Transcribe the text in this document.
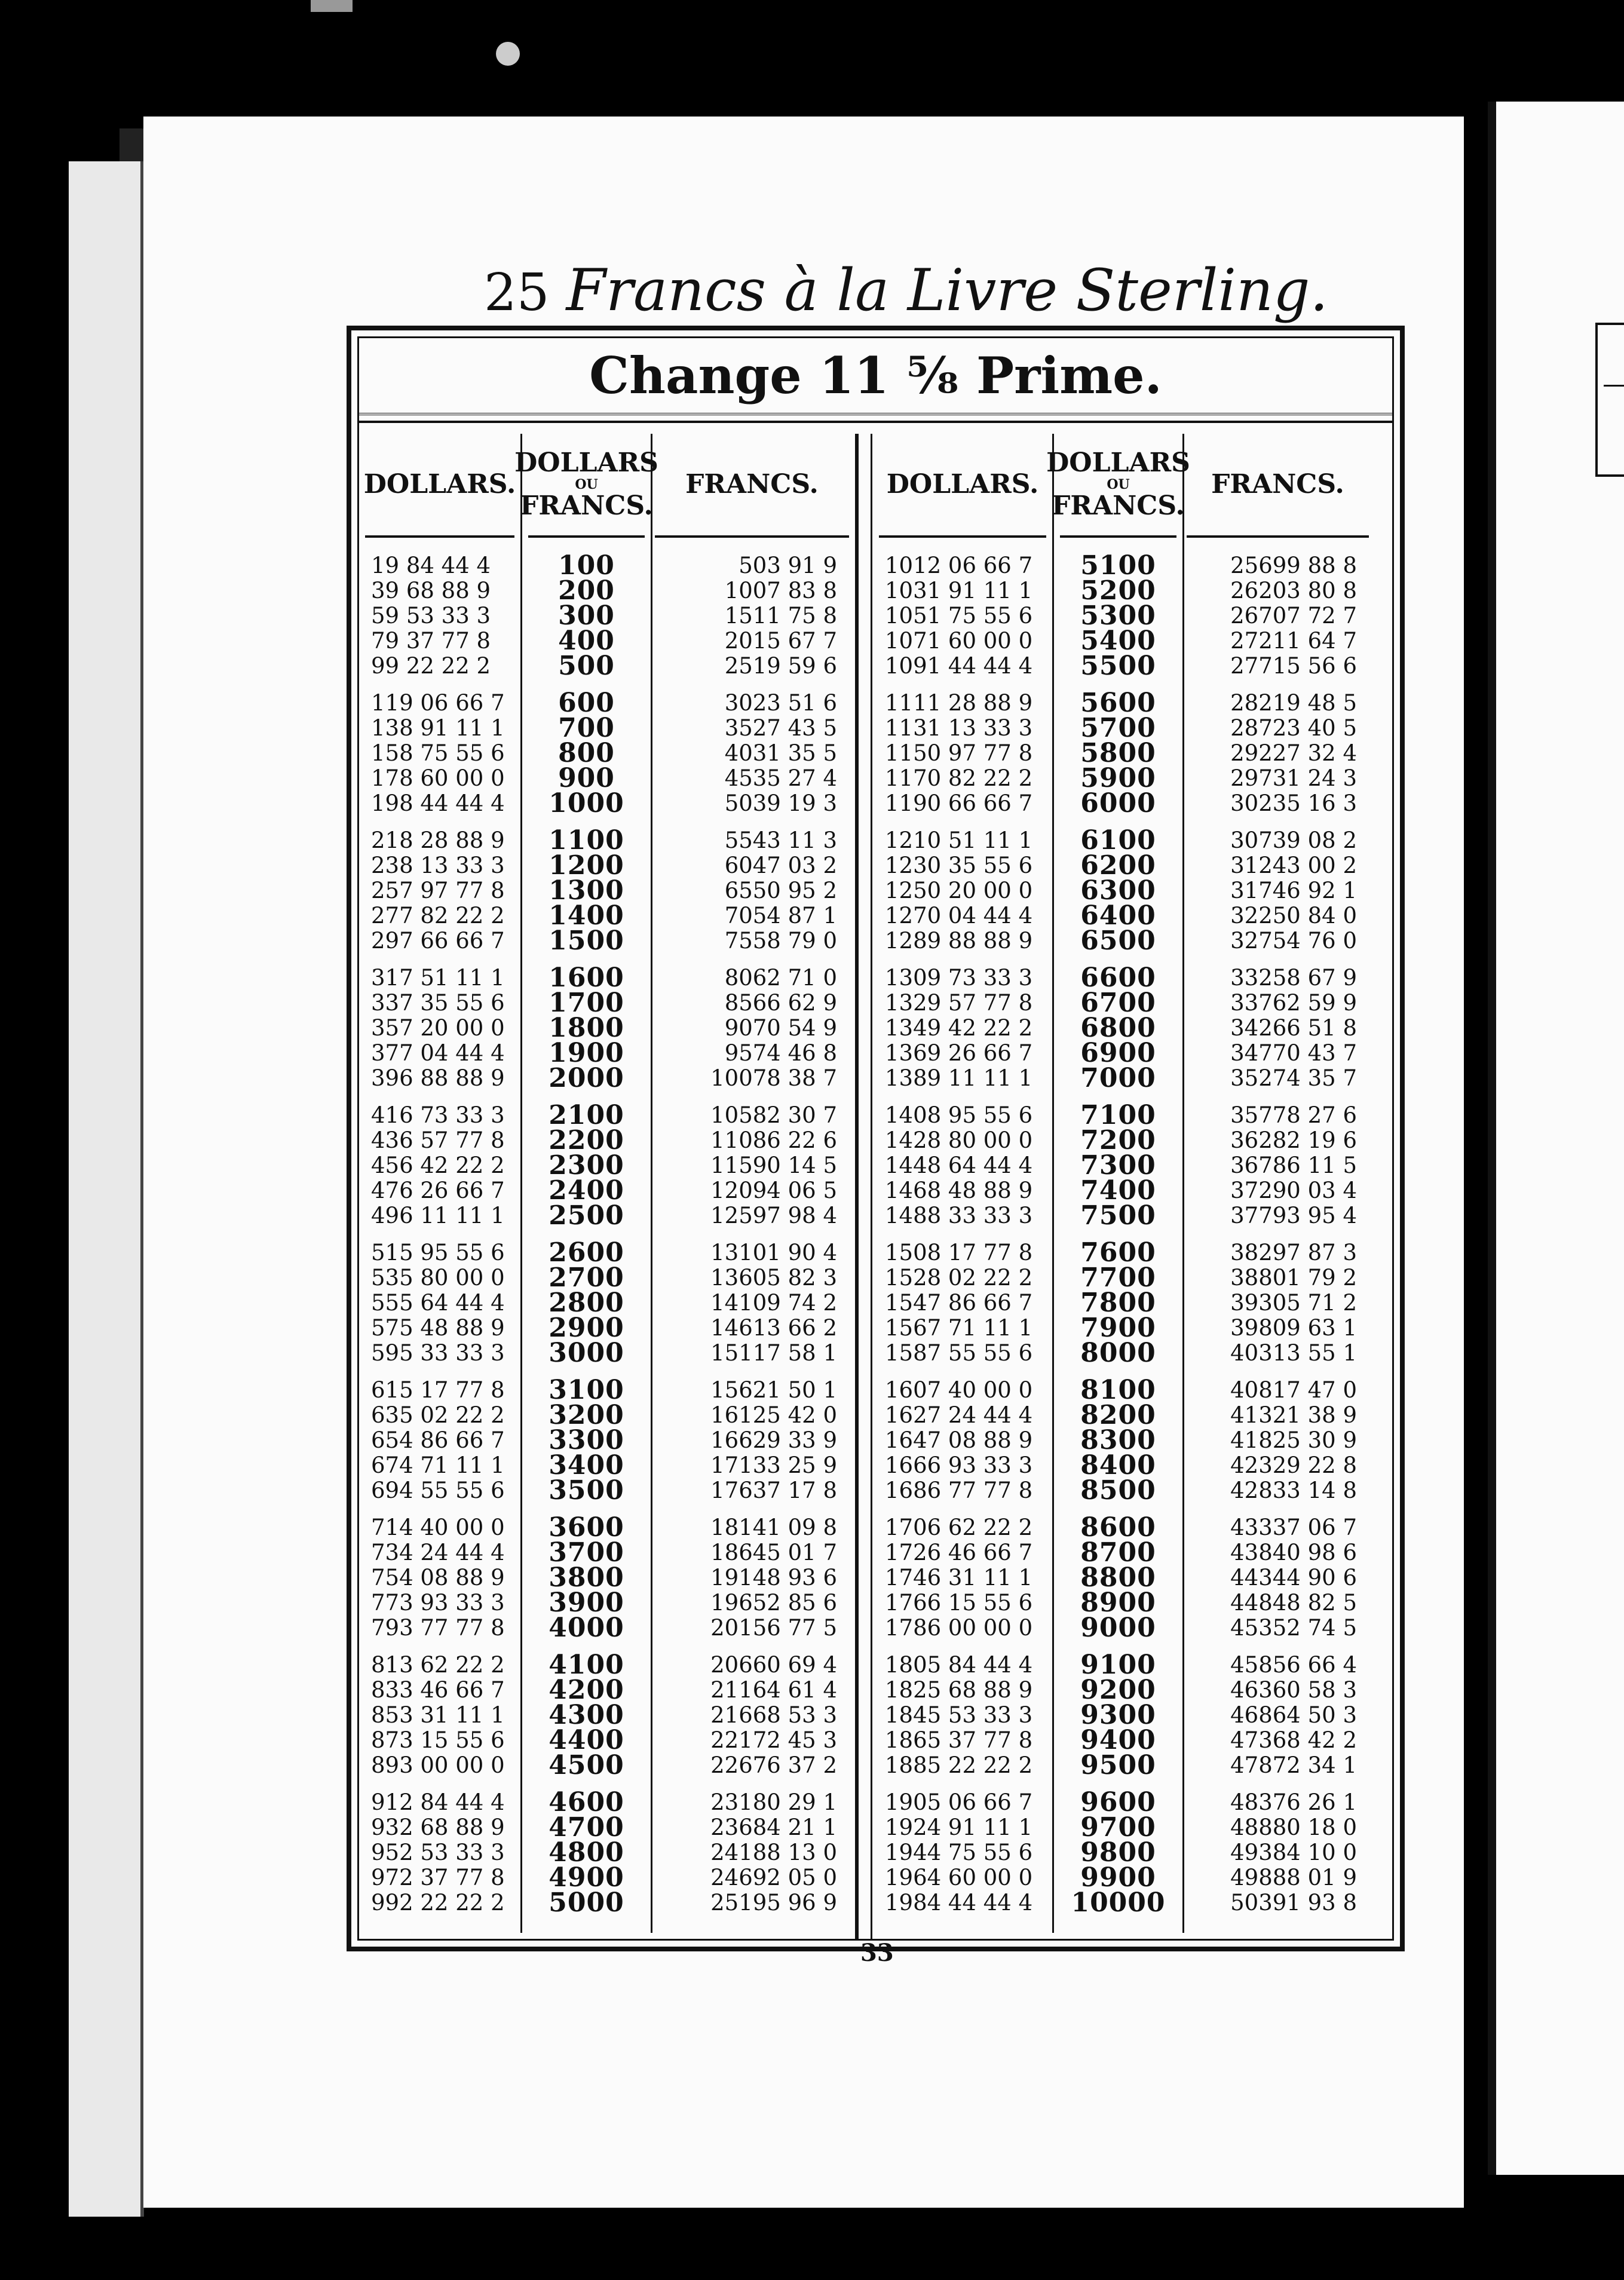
25 Francs à la Livre Sterling.
Change 11 ⁵⁄₈ Prime.
DOLLARS.
19 84 44 4
39 68 88 9
59 53 33 3
79 37 77 8
99 22 22 2
119 06 66 7
138 91 11 1
158 75 55 6
178 60 00 0
198 44 44 4
218 28 88 9
238 13 33 3
257 97 77 8
277 82 22 2
297 66 66 7
317 51 11 1
337 35 55 6
357 20 00 0
377 04 44 4
396 88 88 9
416 73 33 3
436 57 77 8
456 42 22 2
476 26 66 7
496 11 11 1
515 95 55 6
535 80 00 0
555 64 44 4
575 48 88 9
595 33 33 3
615 17 77 8
635 02 22 2
654 86 66 7
674 71 11 1
694 55 55 6
714 40 00 0
734 24 44 4
754 08 88 9
773 93 33 3
793 77 77 8
813 62 22 2
833 46 66 7
853 31 11 1
873 15 55 6
893 00 00 0
912 84 44 4
932 68 88 9
952 53 33 3
972 37 77 8
992 22 22 2
DOLLARS
OU
FRANCS.
100
200
300
400
500
600
700
800
900
1000
1100
1200
1300
1400
1500
1600
1700
1800
1900
2000
2100
2200
2300
2400
2500
2600
2700
2800
2900
3000
3100
3200
3300
3400
3500
3600
3700
3800
3900
4000
4100
4200
4300
4400
4500
4600
4700
4800
4900
5000
FRANCS.
503 91 9
1007 83 8
1511 75 8
2015 67 7
2519 59 6
3023 51 6
3527 43 5
4031 35 5
4535 27 4
5039 19 3
5543 11 3
6047 03 2
6550 95 2
7054 87 1
7558 79 0
8062 71 0
8566 62 9
9070 54 9
9574 46 8
10078 38 7
10582 30 7
11086 22 6
11590 14 5
12094 06 5
12597 98 4
13101 90 4
13605 82 3
14109 74 2
14613 66 2
15117 58 1
15621 50 1
16125 42 0
16629 33 9
17133 25 9
17637 17 8
18141 09 8
18645 01 7
19148 93 6
19652 85 6
20156 77 5
20660 69 4
21164 61 4
21668 53 3
22172 45 3
22676 37 2
23180 29 1
23684 21 1
24188 13 0
24692 05 0
25195 96 9
DOLLARS.
1012 06 66 7
1031 91 11 1
1051 75 55 6
1071 60 00 0
1091 44 44 4
1111 28 88 9
1131 13 33 3
1150 97 77 8
1170 82 22 2
1190 66 66 7
1210 51 11 1
1230 35 55 6
1250 20 00 0
1270 04 44 4
1289 88 88 9
1309 73 33 3
1329 57 77 8
1349 42 22 2
1369 26 66 7
1389 11 11 1
1408 95 55 6
1428 80 00 0
1448 64 44 4
1468 48 88 9
1488 33 33 3
1508 17 77 8
1528 02 22 2
1547 86 66 7
1567 71 11 1
1587 55 55 6
1607 40 00 0
1627 24 44 4
1647 08 88 9
1666 93 33 3
1686 77 77 8
1706 62 22 2
1726 46 66 7
1746 31 11 1
1766 15 55 6
1786 00 00 0
1805 84 44 4
1825 68 88 9
1845 53 33 3
1865 37 77 8
1885 22 22 2
1905 06 66 7
1924 91 11 1
1944 75 55 6
1964 60 00 0
1984 44 44 4
DOLLARS
OU
FRANCS.
5100
5200
5300
5400
5500
5600
5700
5800
5900
6000
6100
6200
6300
6400
6500
6600
6700
6800
6900
7000
7100
7200
7300
7400
7500
7600
7700
7800
7900
8000
8100
8200
8300
8400
8500
8600
8700
8800
8900
9000
9100
9200
9300
9400
9500
9600
9700
9800
9900
10000
FRANCS.
25699 88 8
26203 80 8
26707 72 7
27211 64 7
27715 56 6
28219 48 5
28723 40 5
29227 32 4
29731 24 3
30235 16 3
30739 08 2
31243 00 2
31746 92 1
32250 84 0
32754 76 0
33258 67 9
33762 59 9
34266 51 8
34770 43 7
35274 35 7
35778 27 6
36282 19 6
36786 11 5
37290 03 4
37793 95 4
38297 87 3
38801 79 2
39305 71 2
39809 63 1
40313 55 1
40817 47 0
41321 38 9
41825 30 9
42329 22 8
42833 14 8
43337 06 7
43840 98 6
44344 90 6
44848 82 5
45352 74 5
45856 66 4
46360 58 3
46864 50 3
47368 42 2
47872 34 1
48376 26 1
48880 18 0
49384 10 0
49888 01 9
50391 93 8
33
